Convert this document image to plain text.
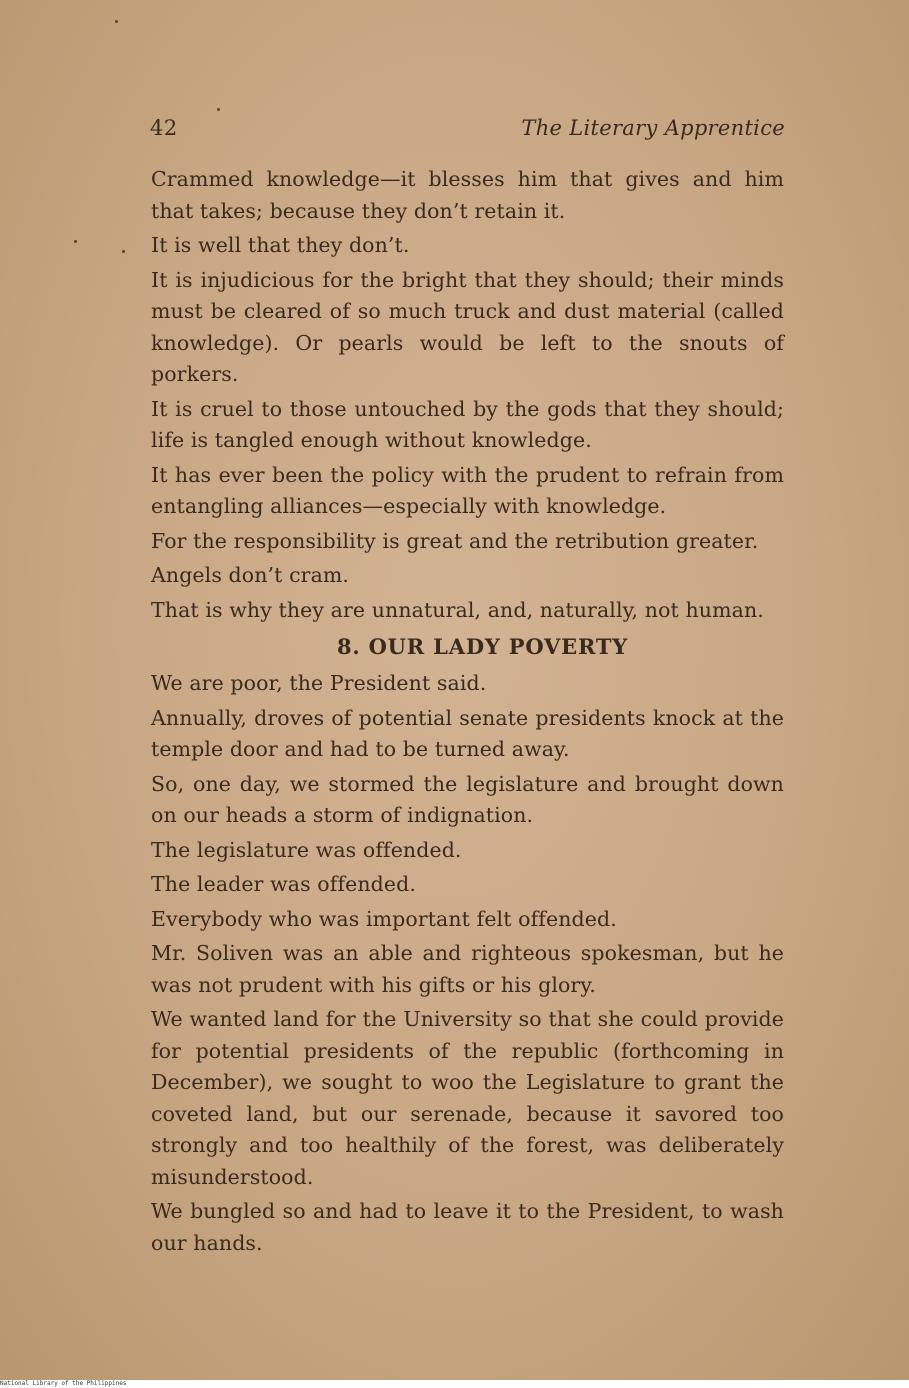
42	The Literary Apprentice

Crammed knowledge—it blesses him that gives and him that takes; because they don’t retain it.

It is well that they don’t.

It is injudicious for the bright that they should; their minds must be cleared of so much truck and dust material (called knowledge). Or pearls would be left to the snouts of porkers.

It is cruel to those untouched by the gods that they should; life is tangled enough without knowledge.

It has ever been the policy with the prudent to refrain from entangling alliances—especially with knowledge.

For the responsibility is great and the retribution greater.

Angels don’t cram.

That is why they are unnatural, and, naturally, not human.

8. OUR LADY POVERTY

We are poor, the President said.

Annually, droves of potential senate presidents knock at the temple door and had to be turned away.

So, one day, we stormed the legislature and brought down on our heads a storm of indignation.

The legislature was offended.

The leader was offended.

Everybody who was important felt offended.

Mr. Soliven was an able and righteous spokesman, but he was not prudent with his gifts or his glory.

We wanted land for the University so that she could provide for potential presidents of the republic (forthcoming in December), we sought to woo the Legislature to grant the coveted land, but our serenade, because it savored too strongly and too healthily of the forest, was deliberately misunderstood.

We bungled so and had to leave it to the President, to wash our hands.

National Library of the Philippines
